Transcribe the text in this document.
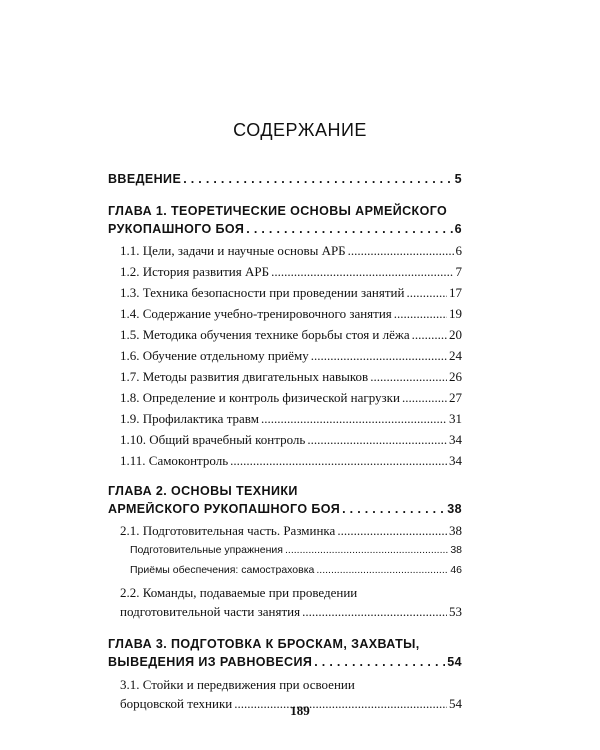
СОДЕРЖАНИЕ
ВВЕДЕНИЕ . . .	5
ГЛАВА 1. ТЕОРЕТИЧЕСКИЕ ОСНОВЫ АРМЕЙСКОГО
РУКОПАШНОГО БОЯ . . .	6
1.1. Цели, задачи и научные основы АРБ .....	6
1.2. История развития АРБ .....	7
1.3. Техника безопасности при проведении занятий .....	17
1.4. Содержание учебно-тренировочного занятия .....	19
1.5. Методика обучения технике борьбы стоя и лёжа .....	20
1.6. Обучение отдельному приёму .....	24
1.7. Методы развития двигательных навыков .....	26
1.8. Определение и контроль физической нагрузки .....	27
1.9. Профилактика травм .....	31
1.10. Общий врачебный контроль .....	34
1.11. Самоконтроль .....	34
ГЛАВА 2. ОСНОВЫ ТЕХНИКИ
АРМЕЙСКОГО РУКОПАШНОГО БОЯ . . .	38
2.1. Подготовительная часть. Разминка .....	38
Подготовительные упражнения .....	38
Приёмы обеспечения: самостраховка .....	46
2.2. Команды, подаваемые при проведении
подготовительной части занятия .....	53
ГЛАВА 3. ПОДГОТОВКА К БРОСКАМ, ЗАХВАТЫ,
ВЫВЕДЕНИЯ ИЗ РАВНОВЕСИЯ . . .	54
3.1. Стойки и передвижения при освоении
борцовской техники .....	54
189
